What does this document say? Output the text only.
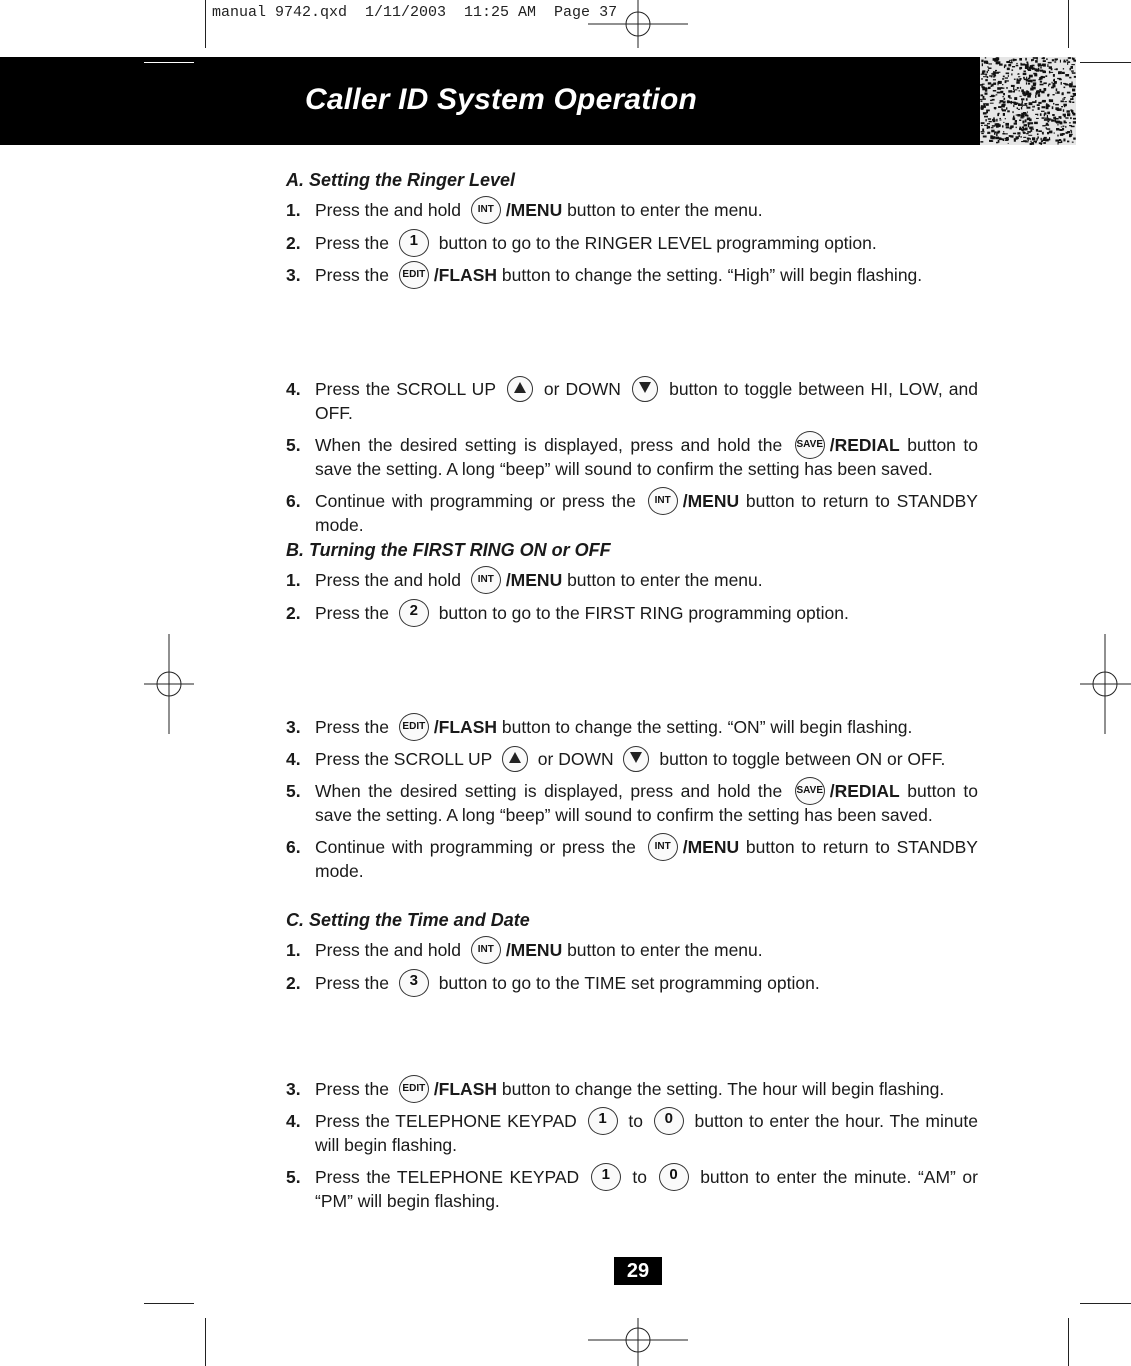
manual 9742.qxd  1/11/2003  11:25 AM  Page 37
Caller ID System Operation

A. Setting the Ringer Level

1. Press the and hold INT /MENU button to enter the menu.
2. Press the 1 button to go to the RINGER LEVEL programming option.
3. Press the EDIT /FLASH button to change the setting. “High” will begin flashing.
4. Press the SCROLL UP	or DOWN	button to toggle between HI, LOW, and OFF.
5. When the desired setting is displayed, press and hold the SAVE /REDIAL button to save the setting. A long “beep” will sound to confirm the setting has been saved.
6. Continue with programming or press the INT /MENU button to return to STANDBY mode.

B. Turning the FIRST RING ON or OFF

1. Press the and hold INT /MENU button to enter the menu.
2. Press the 2 button to go to the FIRST RING programming option.
3. Press the EDIT /FLASH button to change the setting. “ON” will begin flashing.
4. Press the SCROLL UP	or DOWN	button to toggle between ON or OFF.
5. When the desired setting is displayed, press and hold the SAVE /REDIAL button to save the setting. A long “beep” will sound to confirm the setting has been saved.
6. Continue with programming or press the INT /MENU button to return to STANDBY mode.

C. Setting the Time and Date

1. Press the and hold INT /MENU button to enter the menu.
2. Press the 3 button to go to the TIME set programming option.
3. Press the EDIT /FLASH button to change the setting. The hour will begin flashing.
4. Press the TELEPHONE KEYPAD 1 to 0 button to enter the hour. The minute will begin flashing.
5. Press the TELEPHONE KEYPAD 1 to 0 button to enter the minute. “AM” or “PM” will begin flashing.
29
